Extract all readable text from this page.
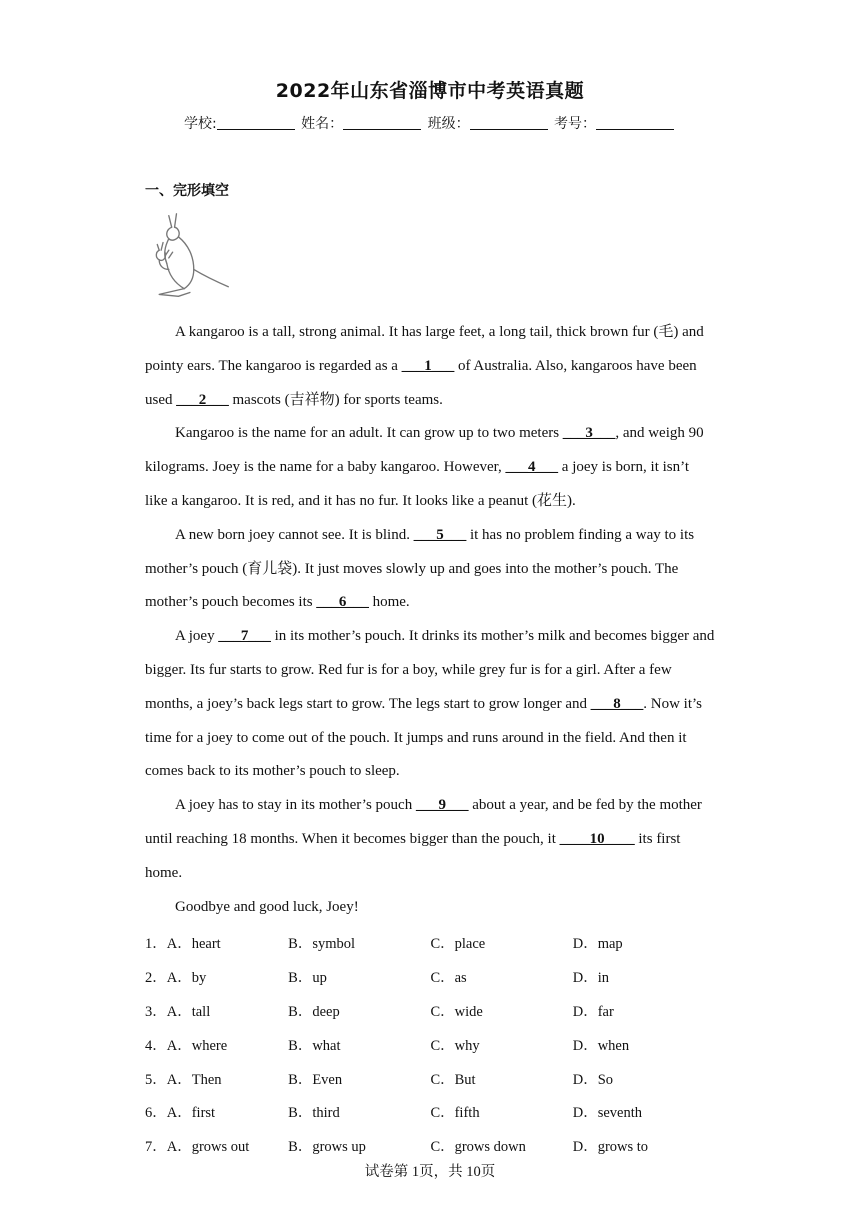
2022年山东省淄博市中考英语真题
学校:	姓名：	班级：	考号：
一、完形填空

A kangaroo is a tall, strong animal. It has large feet, a long tail, thick brown fur (毛) and pointy ears. The kangaroo is regarded as a ___1___ of Australia. Also, kangaroos have been used ___2___ mascots (吉祥物) for sports teams.

Kangaroo is the name for an adult. It can grow up to two meters ___3___, and weigh 90 kilograms. Joey is the name for a baby kangaroo. However, ___4___ a joey is born, it isn’t like a kangaroo. It is red, and it has no fur. It looks like a peanut (花生).

A new born joey cannot see. It is blind. ___5___ it has no problem finding a way to its mother’s pouch (育儿袋). It just moves slowly up and goes into the mother’s pouch. The mother’s pouch becomes its ___6___ home.

A joey ___7___ in its mother’s pouch. It drinks its mother’s milk and becomes bigger and bigger. Its fur starts to grow. Red fur is for a boy, while grey fur is for a girl. After a few months, a joey’s back legs start to grow. The legs start to grow longer and ___8___. Now it’s time for a joey to come out of the pouch. It jumps and runs around in the field. And then it comes back to its mother’s pouch to sleep.

A joey has to stay in its mother’s pouch ___9___ about a year, and be fed by the mother until reaching 18 months. When it becomes bigger than the pouch, it ____10____ its first home.

Goodbye and good luck, Joey!

1． A．heart	B．symbol	C．place	D．map
2． A．by	B．up	C．as	D．in
3． A．tall	B．deep	C．wide	D．far
4． A．where	B．what	C．why	D．when
5． A．Then	B．Even	C．But	D．So
6． A．first	B．third	C．fifth	D．seventh
7． A．grows out	B．grows up	C．grows down	D．grows to
试卷第 1页，共 10页
